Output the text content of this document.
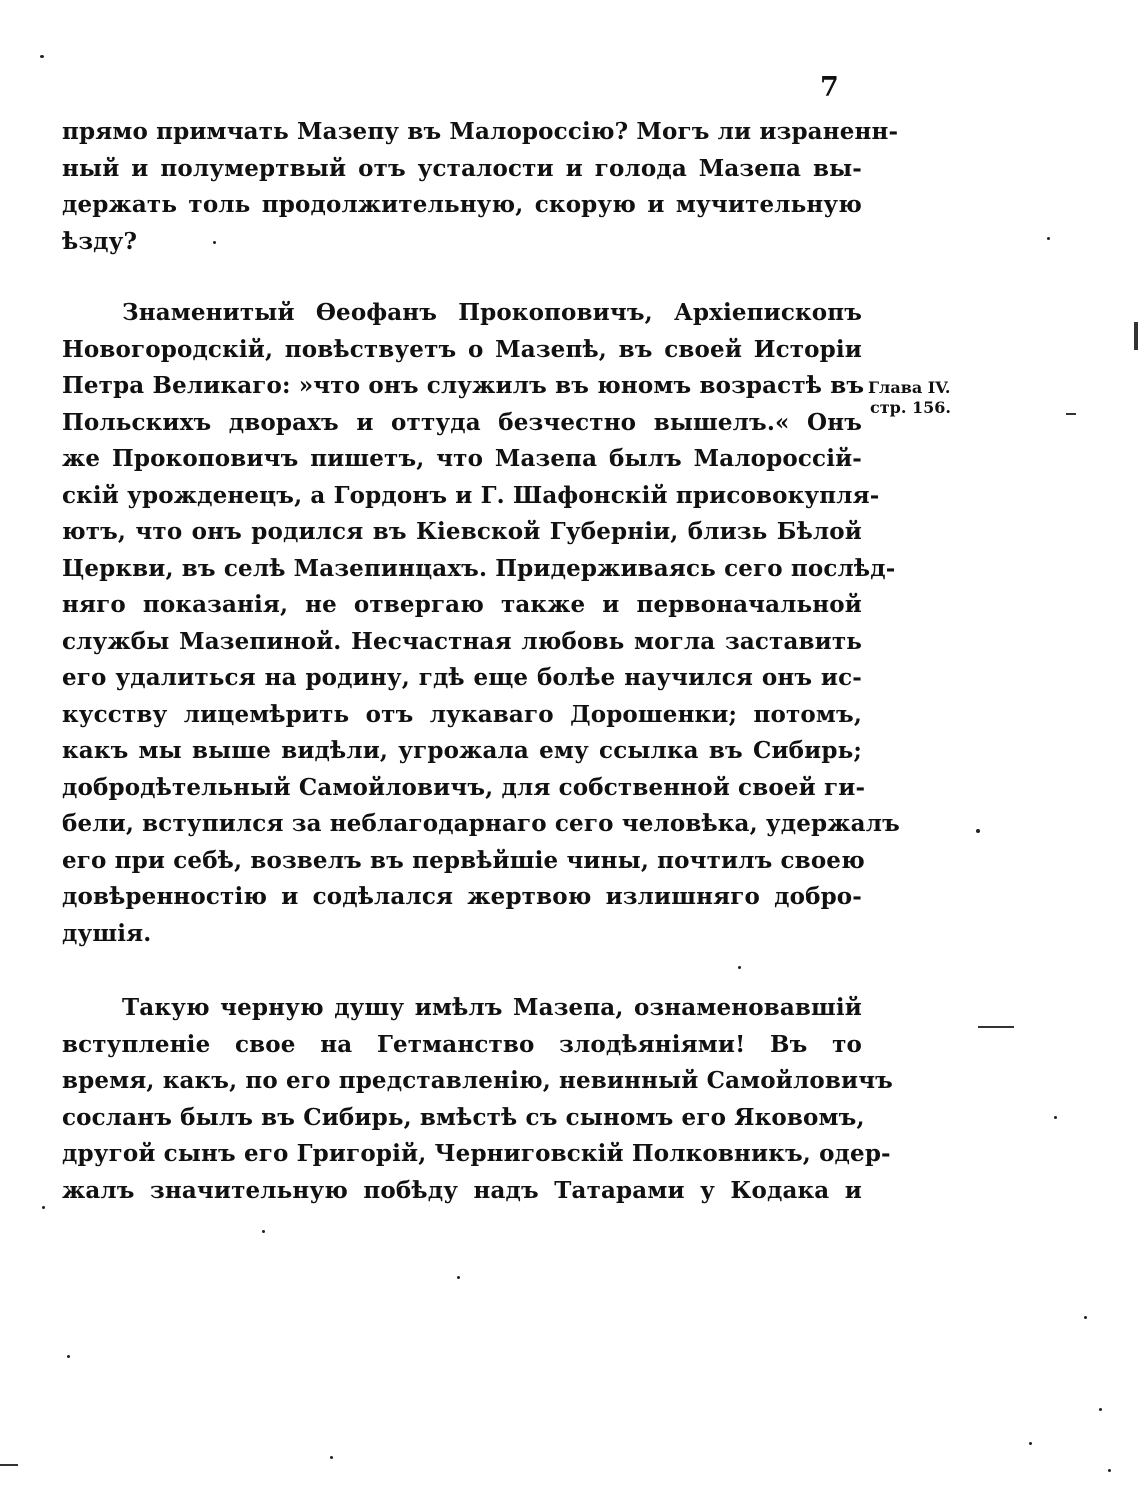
7
прямо примчать Мазепу въ Малороссію? Могъ ли израненн-
ный и полумертвый отъ усталости и голода Мазепа вы-
держать толь продолжительную, скорую и мучительную
ѣзду?
Знаменитый Ѳеофанъ Прокоповичъ, Архіепископъ
Новогородскій, повѣствуетъ о Мазепѣ, въ своей Исторіи
Петра Великаго: »что онъ служилъ въ юномъ возрастѣ въ
Польскихъ дворахъ и оттуда безчестно вышелъ.« Онъ
же Прокоповичъ пишетъ, что Мазепа былъ Малороссій-
скій урожденецъ, а Гордонъ и Г. Шафонскій присовокупля-
ютъ, что онъ родился въ Кіевской Губерніи, близь Бѣлой
Церкви, въ селѣ Мазепинцахъ. Придерживаясь сего послѣд-
няго показанія, не отвергаю также и первоначальной
службы Мазепиной. Несчастная любовь могла заставить
его удалиться на родину, гдѣ еще болѣе научился онъ ис-
кусству лицемѣрить отъ лукаваго Дорошенки; потомъ,
какъ мы выше видѣли, угрожала ему ссылка въ Сибирь;
добродѣтельный Самойловичъ, для собственной своей ги-
бели, вступился за неблагодарнаго сего человѣка, удержалъ
его при себѣ, возвелъ въ первѣйшіе чины, почтилъ своею
довѣренностію и содѣлался жертвою излишняго добро-
душія.
Глава IV.
стр. 156.
Такую черную душу имѣлъ Мазепа, ознаменовавшій
вступленіе свое на Гетманство злодѣяніями! Въ то
время, какъ, по его представленію, невинный Самойловичъ
сосланъ былъ въ Сибирь, вмѣстѣ съ сыномъ его Яковомъ,
другой сынъ его Григорій, Черниговскій Полковникъ, одер-
жалъ значительную побѣду надъ Татарами у Кодака и
